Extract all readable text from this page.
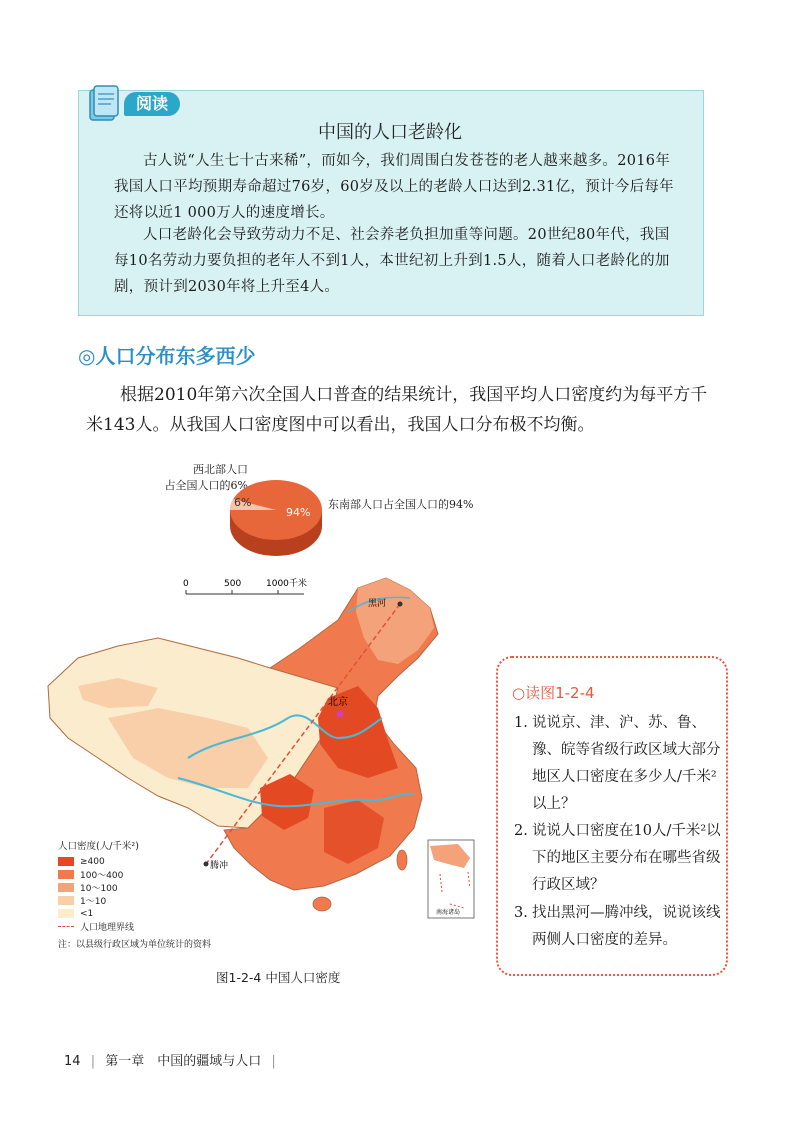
阅读
中国的人口老龄化
古人说“人生七十古来稀”，而如今，我们周围白发苍苍的老人越来越多。2016年我国人口平均预期寿命超过76岁，60岁及以上的老龄人口达到2.31亿，预计今后每年还将以近1 000万人的速度增长。
人口老龄化会导致劳动力不足、社会养老负担加重等问题。20世纪80年代，我国每10名劳动力要负担的老年人不到1人，本世纪初上升到1.5人，随着人口老龄化的加剧，预计到2030年将上升至4人。
◎人口分布东多西少
根据2010年第六次全国人口普查的结果统计，我国平均人口密度约为每平方千米143人。从我国人口密度图中可以看出，我国人口分布极不均衡。
西北部人口
占全国人口的6%
6%
94%
东南部人口占全国人口的94%
0	500	1000千米
黑河
北京
腾冲
南海诸岛
人口密度(人/千米²)
≥400
100～400
10～100
1～10
<1
人口地理界线
注：以县级行政区域为单位统计的资料
图1-2-4 中国人口密度
○读图1-2-4
1. 说说京、津、沪、苏、鲁、豫、皖等省级行政区域大部分地区人口密度在多少人/千米²以上？
2. 说说人口密度在10人/千米²以下的地区主要分布在哪些省级行政区域？
3. 找出黑河—腾冲线，说说该线两侧人口密度的差异。
14 | 第一章　中国的疆域与人口 |
